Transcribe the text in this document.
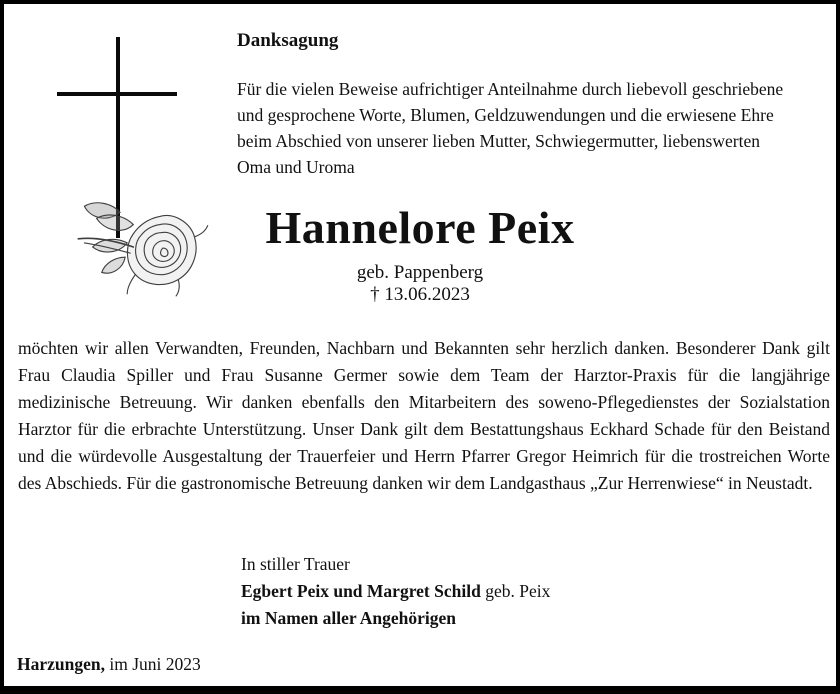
Danksagung

Für die vielen Beweise aufrichtiger Anteilnahme durch liebevoll geschriebene und gesprochene Worte, Blumen, Geldzuwendungen und die erwiesene Ehre beim Abschied von unserer lieben Mutter, Schwiegermutter, liebenswerten Oma und Uroma

Hannelore Peix
geb. Pappenberg
† 13.06.2023

möchten wir allen Verwandten, Freunden, Nachbarn und Bekannten sehr herzlich danken. Besonderer Dank gilt Frau Claudia Spiller und Frau Susanne Germer sowie dem Team der Harztor-Praxis für die langjährige medizinische Betreuung. Wir danken ebenfalls den Mitarbeitern des soweno-Pflegedienstes der Sozialstation Harztor für die erbrachte Unterstützung. Unser Dank gilt dem Bestattungshaus Eckhard Schade für den Beistand und die würdevolle Ausgestaltung der Trauerfeier und Herrn Pfarrer Gregor Heimrich für die trostreichen Worte des Abschieds. Für die gastronomische Betreuung danken wir dem Landgasthaus „Zur Herrenwiese“ in Neustadt.

In stiller Trauer
Egbert Peix und Margret Schild geb. Peix
im Namen aller Angehörigen
Harzungen, im Juni 2023
